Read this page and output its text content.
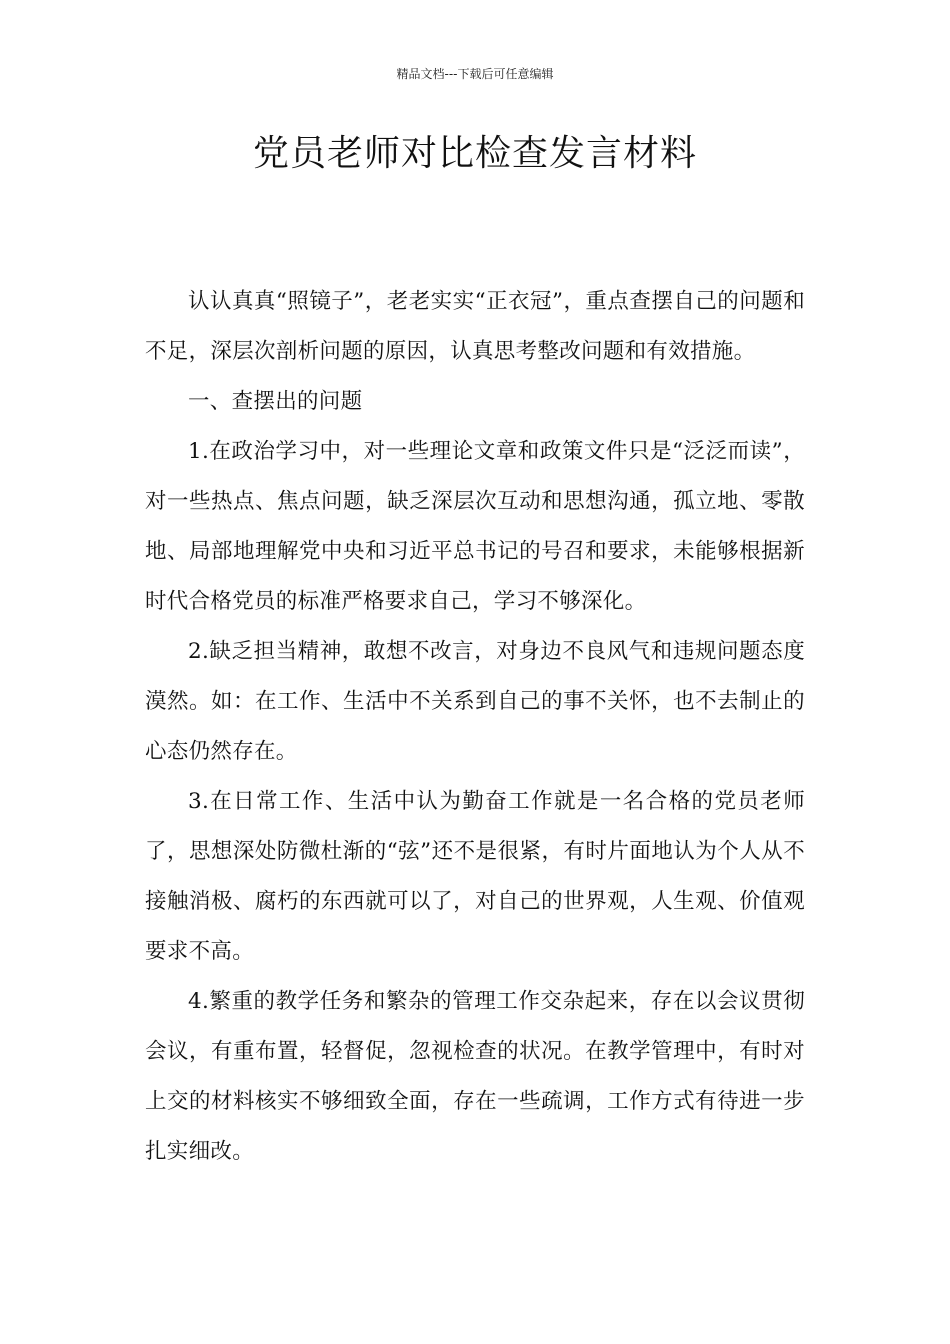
精品文档---下载后可任意编辑
党员老师对比检查发言材料

认认真真“照镜子”，老老实实“正衣冠”，重点查摆自己的问题和不足，深层次剖析问题的原因，认真思考整改问题和有效措施。

一、查摆出的问题

1.在政治学习中，对一些理论文章和政策文件只是“泛泛而读”，对一些热点、焦点问题，缺乏深层次互动和思想沟通，孤立地、零散地、局部地理解党中央和习近平总书记的号召和要求，未能够根据新时代合格党员的标准严格要求自己，学习不够深化。

2.缺乏担当精神，敢想不改言，对身边不良风气和违规问题态度漠然。如：在工作、生活中不关系到自己的事不关怀，也不去制止的心态仍然存在。

3.在日常工作、生活中认为勤奋工作就是一名合格的党员老师了，思想深处防微杜渐的“弦”还不是很紧，有时片面地认为个人从不接触消极、腐朽的东西就可以了，对自己的世界观，人生观、价值观要求不高。

4.繁重的教学任务和繁杂的管理工作交杂起来，存在以会议贯彻会议，有重布置，轻督促，忽视检查的状况。在教学管理中，有时对上交的材料核实不够细致全面，存在一些疏调，工作方式有待进一步扎实细改。
